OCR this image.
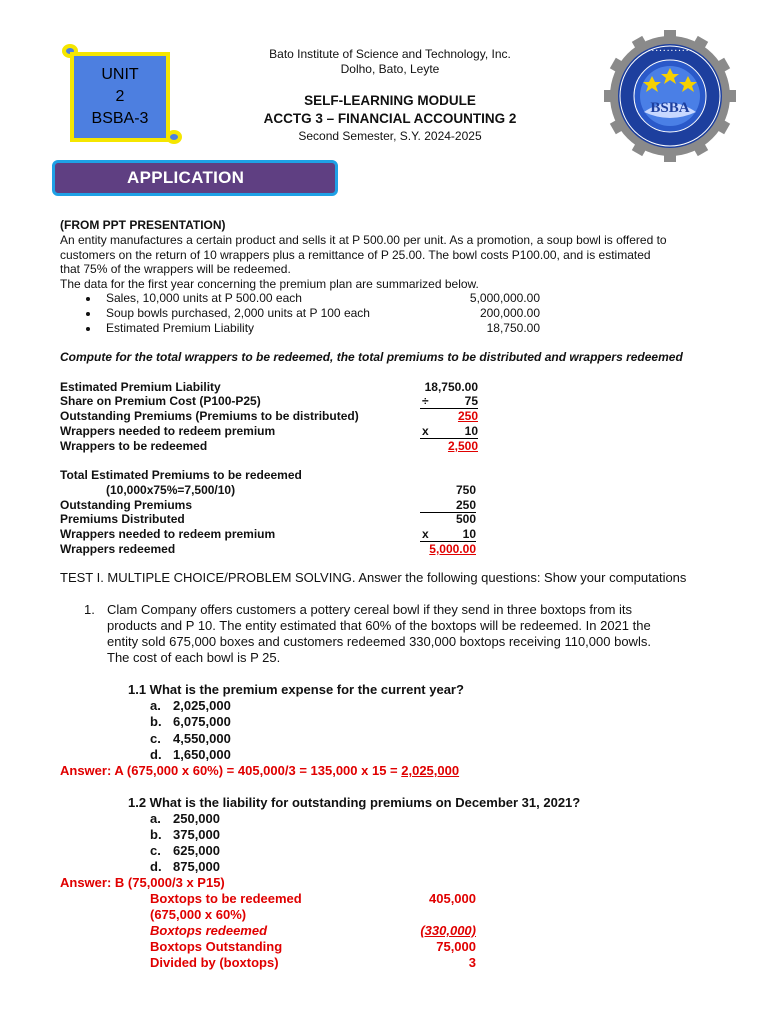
UNIT
2
BSBA-3
Bato Institute of Science and Technology, Inc.
Dolho, Bato, Leyte
SELF-LEARNING MODULE
ACCTG 3 – FINANCIAL ACCOUNTING 2
Second Semester, S.Y. 2024-2025
BSBA
• • • • • • • • • • • •
APPLICATION
(FROM PPT PRESENTATION)
An entity manufactures a certain product and sells it at P 500.00 per unit. As a promotion, a soup bowl is offered to
customers on the return of 10 wrappers plus a remittance of P 25.00. The bowl costs P100.00, and is estimated
that 75% of the wrappers will be redeemed.
The data for the first year concerning the premium plan are summarized below.
Sales, 10,000 units at P 500.00 each	5,000,000.00
Soup bowls purchased, 2,000 units at P 100 each	200,000.00
Estimated Premium Liability	18,750.00
Compute for the total wrappers to be redeemed, the total premiums to be distributed and wrappers redeemed
Estimated Premium Liability	18,750.00
Share on Premium Cost (P100-P25)	÷	75
Outstanding Premiums (Premiums to be distributed)	250
Wrappers needed to redeem premium	x	10
Wrappers to be redeemed	2,500
Total Estimated Premiums to be redeemed
(10,000x75%=7,500/10)	750
Outstanding Premiums	250
Premiums Distributed	500
Wrappers needed to redeem premium	x	10
Wrappers redeemed	5,000.00
TEST I. MULTIPLE CHOICE/PROBLEM SOLVING. Answer the following questions: Show your computations
1. Clam Company offers customers a pottery cereal bowl if they send in three boxtops from its
products and P 10. The entity estimated that 60% of the boxtops will be redeemed. In 2021 the
entity sold 675,000 boxes and customers redeemed 330,000 boxtops receiving 110,000 bowls.
The cost of each bowl is P 25.
1.1 What is the premium expense for the current year?
a. 2,025,000
b. 6,075,000
c. 4,550,000
d. 1,650,000
Answer: A (675,000 x 60%) = 405,000/3 = 135,000 x 15 = 2,025,000
1.2 What is the liability for outstanding premiums on December 31, 2021?
a. 250,000
b. 375,000
c. 625,000
d. 875,000
Answer: B (75,000/3 x P15)
Boxtops to be redeemed	405,000
(675,000 x 60%)
Boxtops redeemed	(330,000)
Boxtops Outstanding	75,000
Divided by (boxtops)	3
